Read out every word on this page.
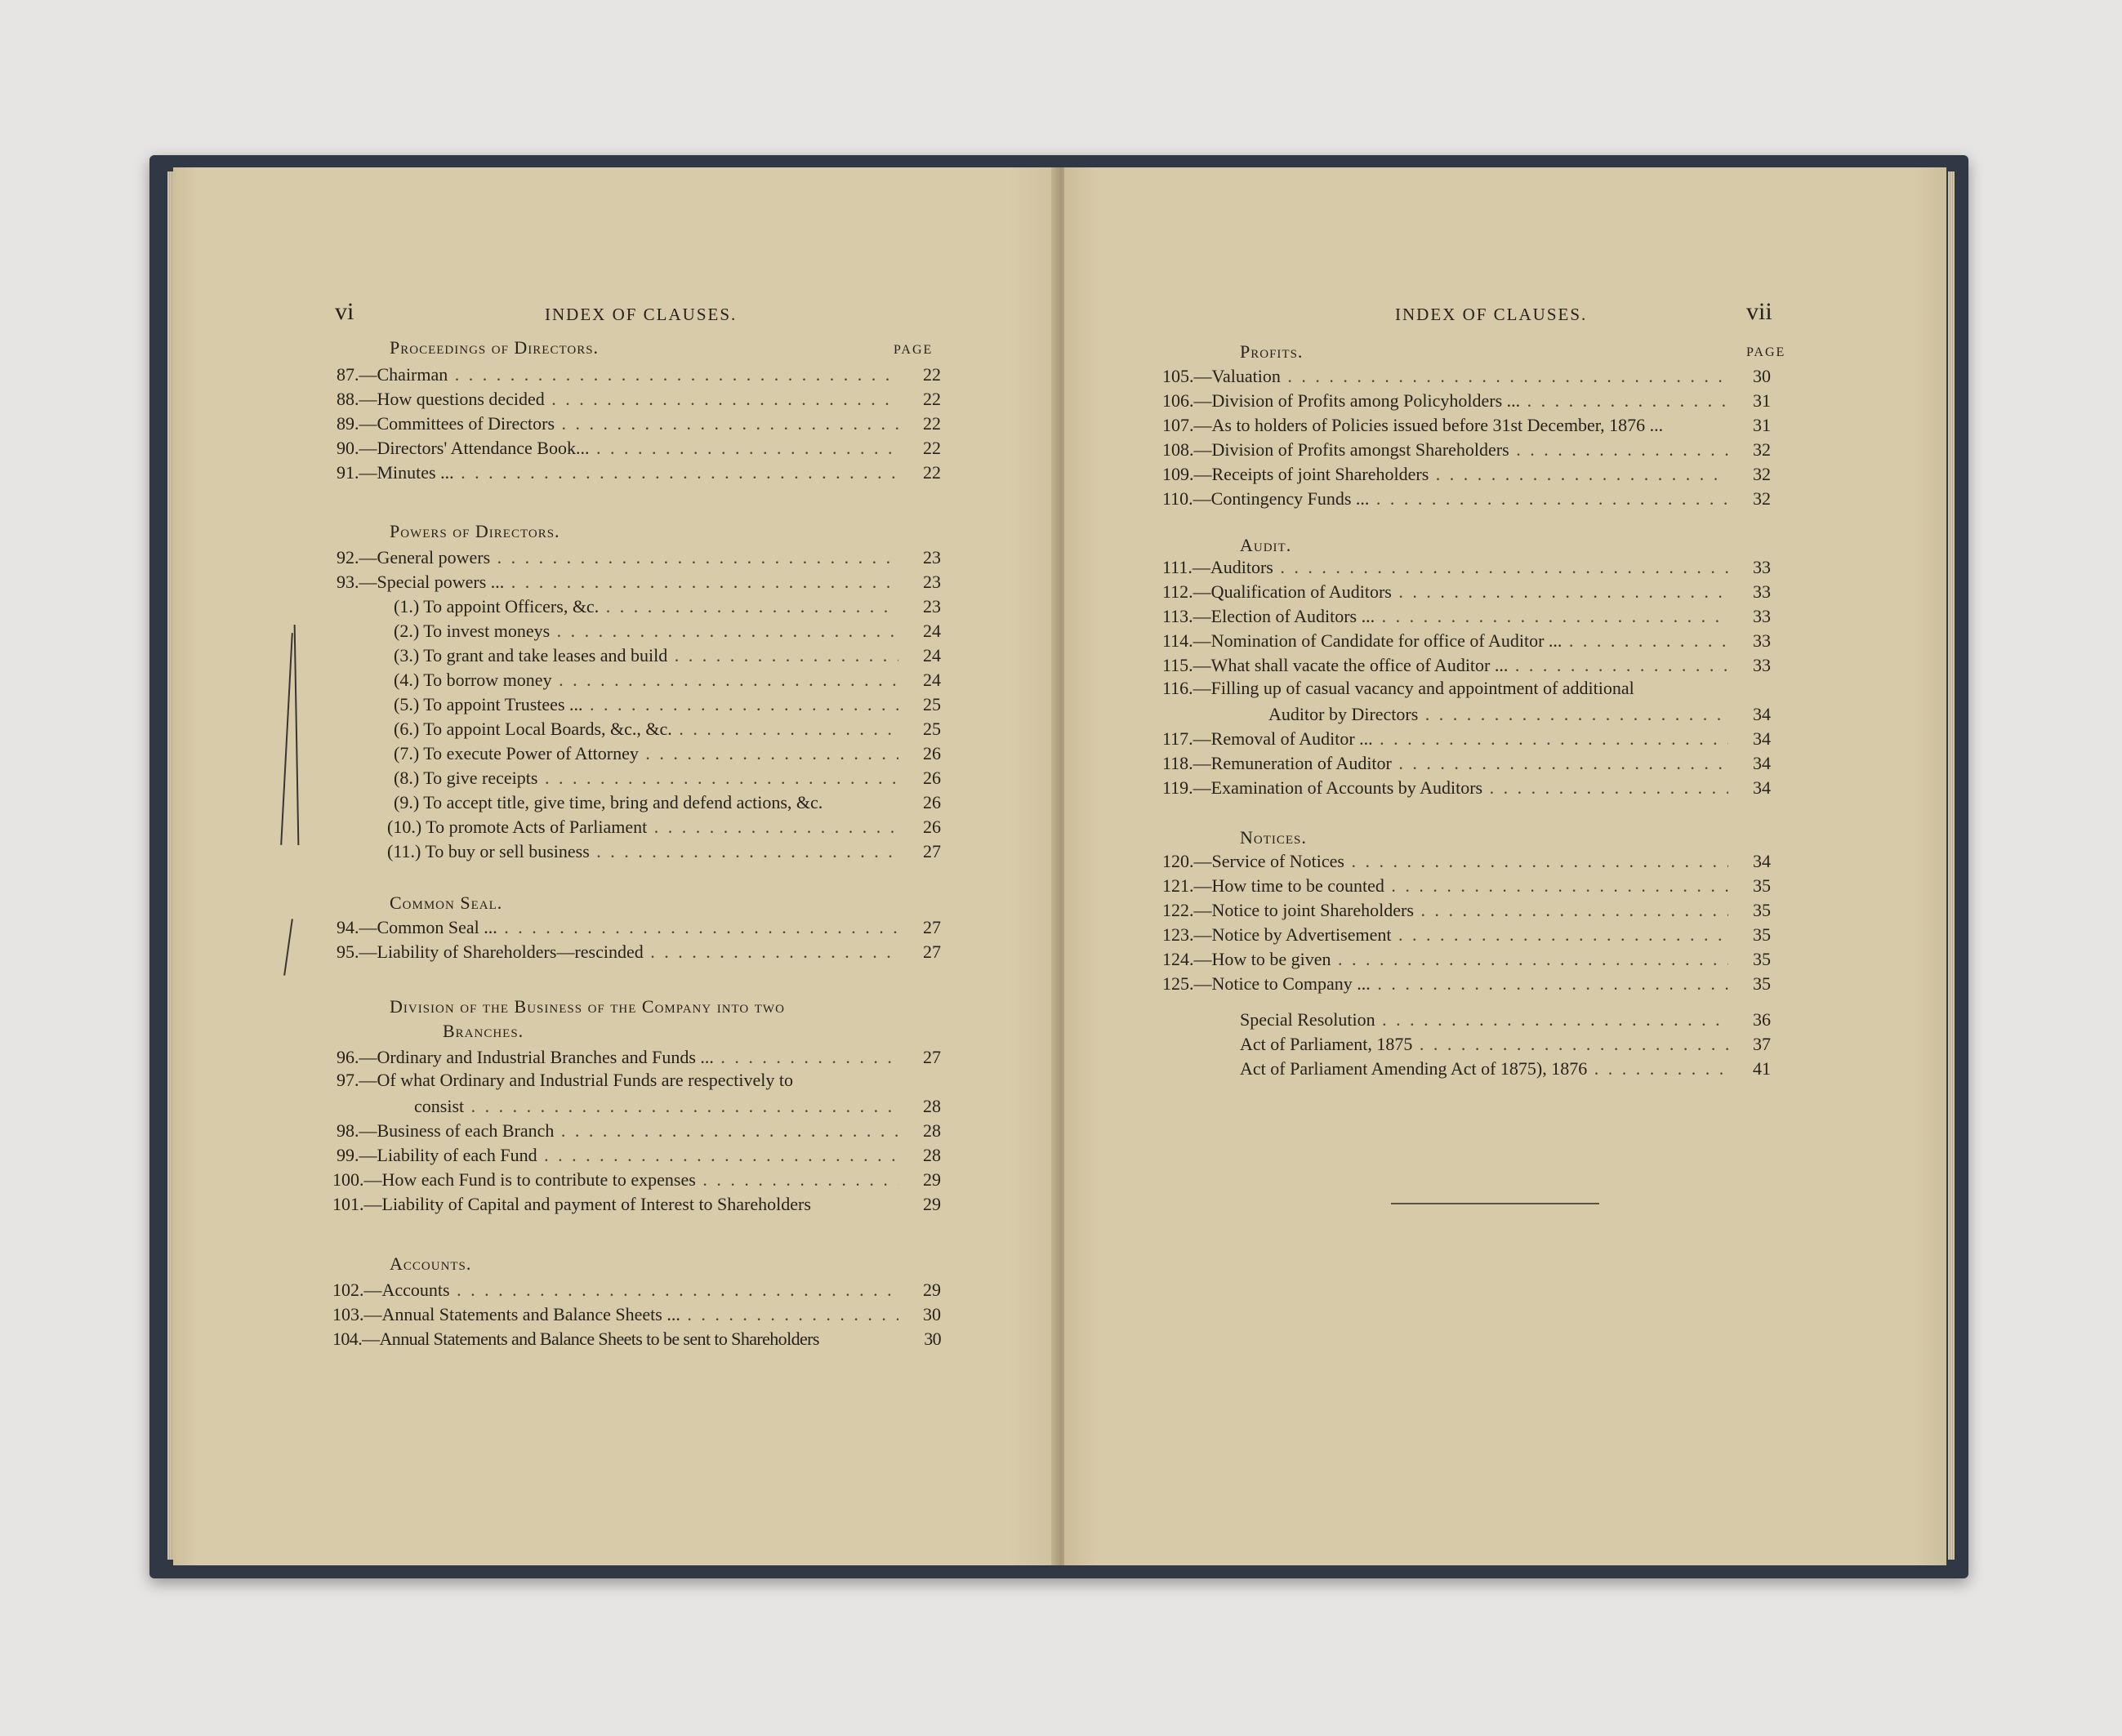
vi	INDEX OF CLAUSES.
PAGE
Proceedings of Directors.
87.—Chairman . . .	22
88.—How questions decided . . .	22
89.—Committees of Directors . . .	22
90.—Directors' Attendance Book... . . .	22
91.—Minutes ... . . .	22
Powers of Directors.
92.—General powers . . .	23
93.—Special powers ... . . .	23
(1.) To appoint Officers, &c. . . .	23
(2.) To invest moneys . . .	24
(3.) To grant and take leases and build . . .	24
(4.) To borrow money . . .	24
(5.) To appoint Trustees ... . . .	25
(6.) To appoint Local Boards, &c., &c. . . .	25
(7.) To execute Power of Attorney . . .	26
(8.) To give receipts . . .	26
(9.) To accept title, give time, bring and defend actions, &c.	26
(10.) To promote Acts of Parliament . . .	26
(11.) To buy or sell business . . .	27
Common Seal.
94.—Common Seal ... . . .	27
95.—Liability of Shareholders—rescinded . . .	27
Division of the Business of the Company into two
Branches.
96.—Ordinary and Industrial Branches and Funds ... . . .	27
97.—Of what Ordinary and Industrial Funds are respectively to
consist . . .	28
98.—Business of each Branch . . .	28
99.—Liability of each Fund . . .	28
100.—How each Fund is to contribute to expenses . . .	29
101.—Liability of Capital and payment of Interest to Shareholders	29
Accounts.
102.—Accounts . . .	29
103.—Annual Statements and Balance Sheets ... . . .	30
104.—Annual Statements and Balance Sheets to be sent to Shareholders	30
INDEX OF CLAUSES.	vii
PAGE
Profits.
105.—Valuation . . .	30
106.—Division of Profits among Policyholders ... . . .	31
107.—As to holders of Policies issued before 31st December, 1876 ...	31
108.—Division of Profits amongst Shareholders . . .	32
109.—Receipts of joint Shareholders . . .	32
110.—Contingency Funds ... . . .	32
Audit.
111.—Auditors . . .	33
112.—Qualification of Auditors . . .	33
113.—Election of Auditors ... . . .	33
114.—Nomination of Candidate for office of Auditor ... . . .	33
115.—What shall vacate the office of Auditor ... . . .	33
116.—Filling up of casual vacancy and appointment of additional
Auditor by Directors . . .	34
117.—Removal of Auditor ... . . .	34
118.—Remuneration of Auditor . . .	34
119.—Examination of Accounts by Auditors . . .	34
Notices.
120.—Service of Notices . . .	34
121.—How time to be counted . . .	35
122.—Notice to joint Shareholders . . .	35
123.—Notice by Advertisement . . .	35
124.—How to be given . . .	35
125.—Notice to Company ... . . .	35
Special Resolution . . .	36
Act of Parliament, 1875 . . .	37
Act of Parliament Amending Act of 1875), 1876 . . .	41
